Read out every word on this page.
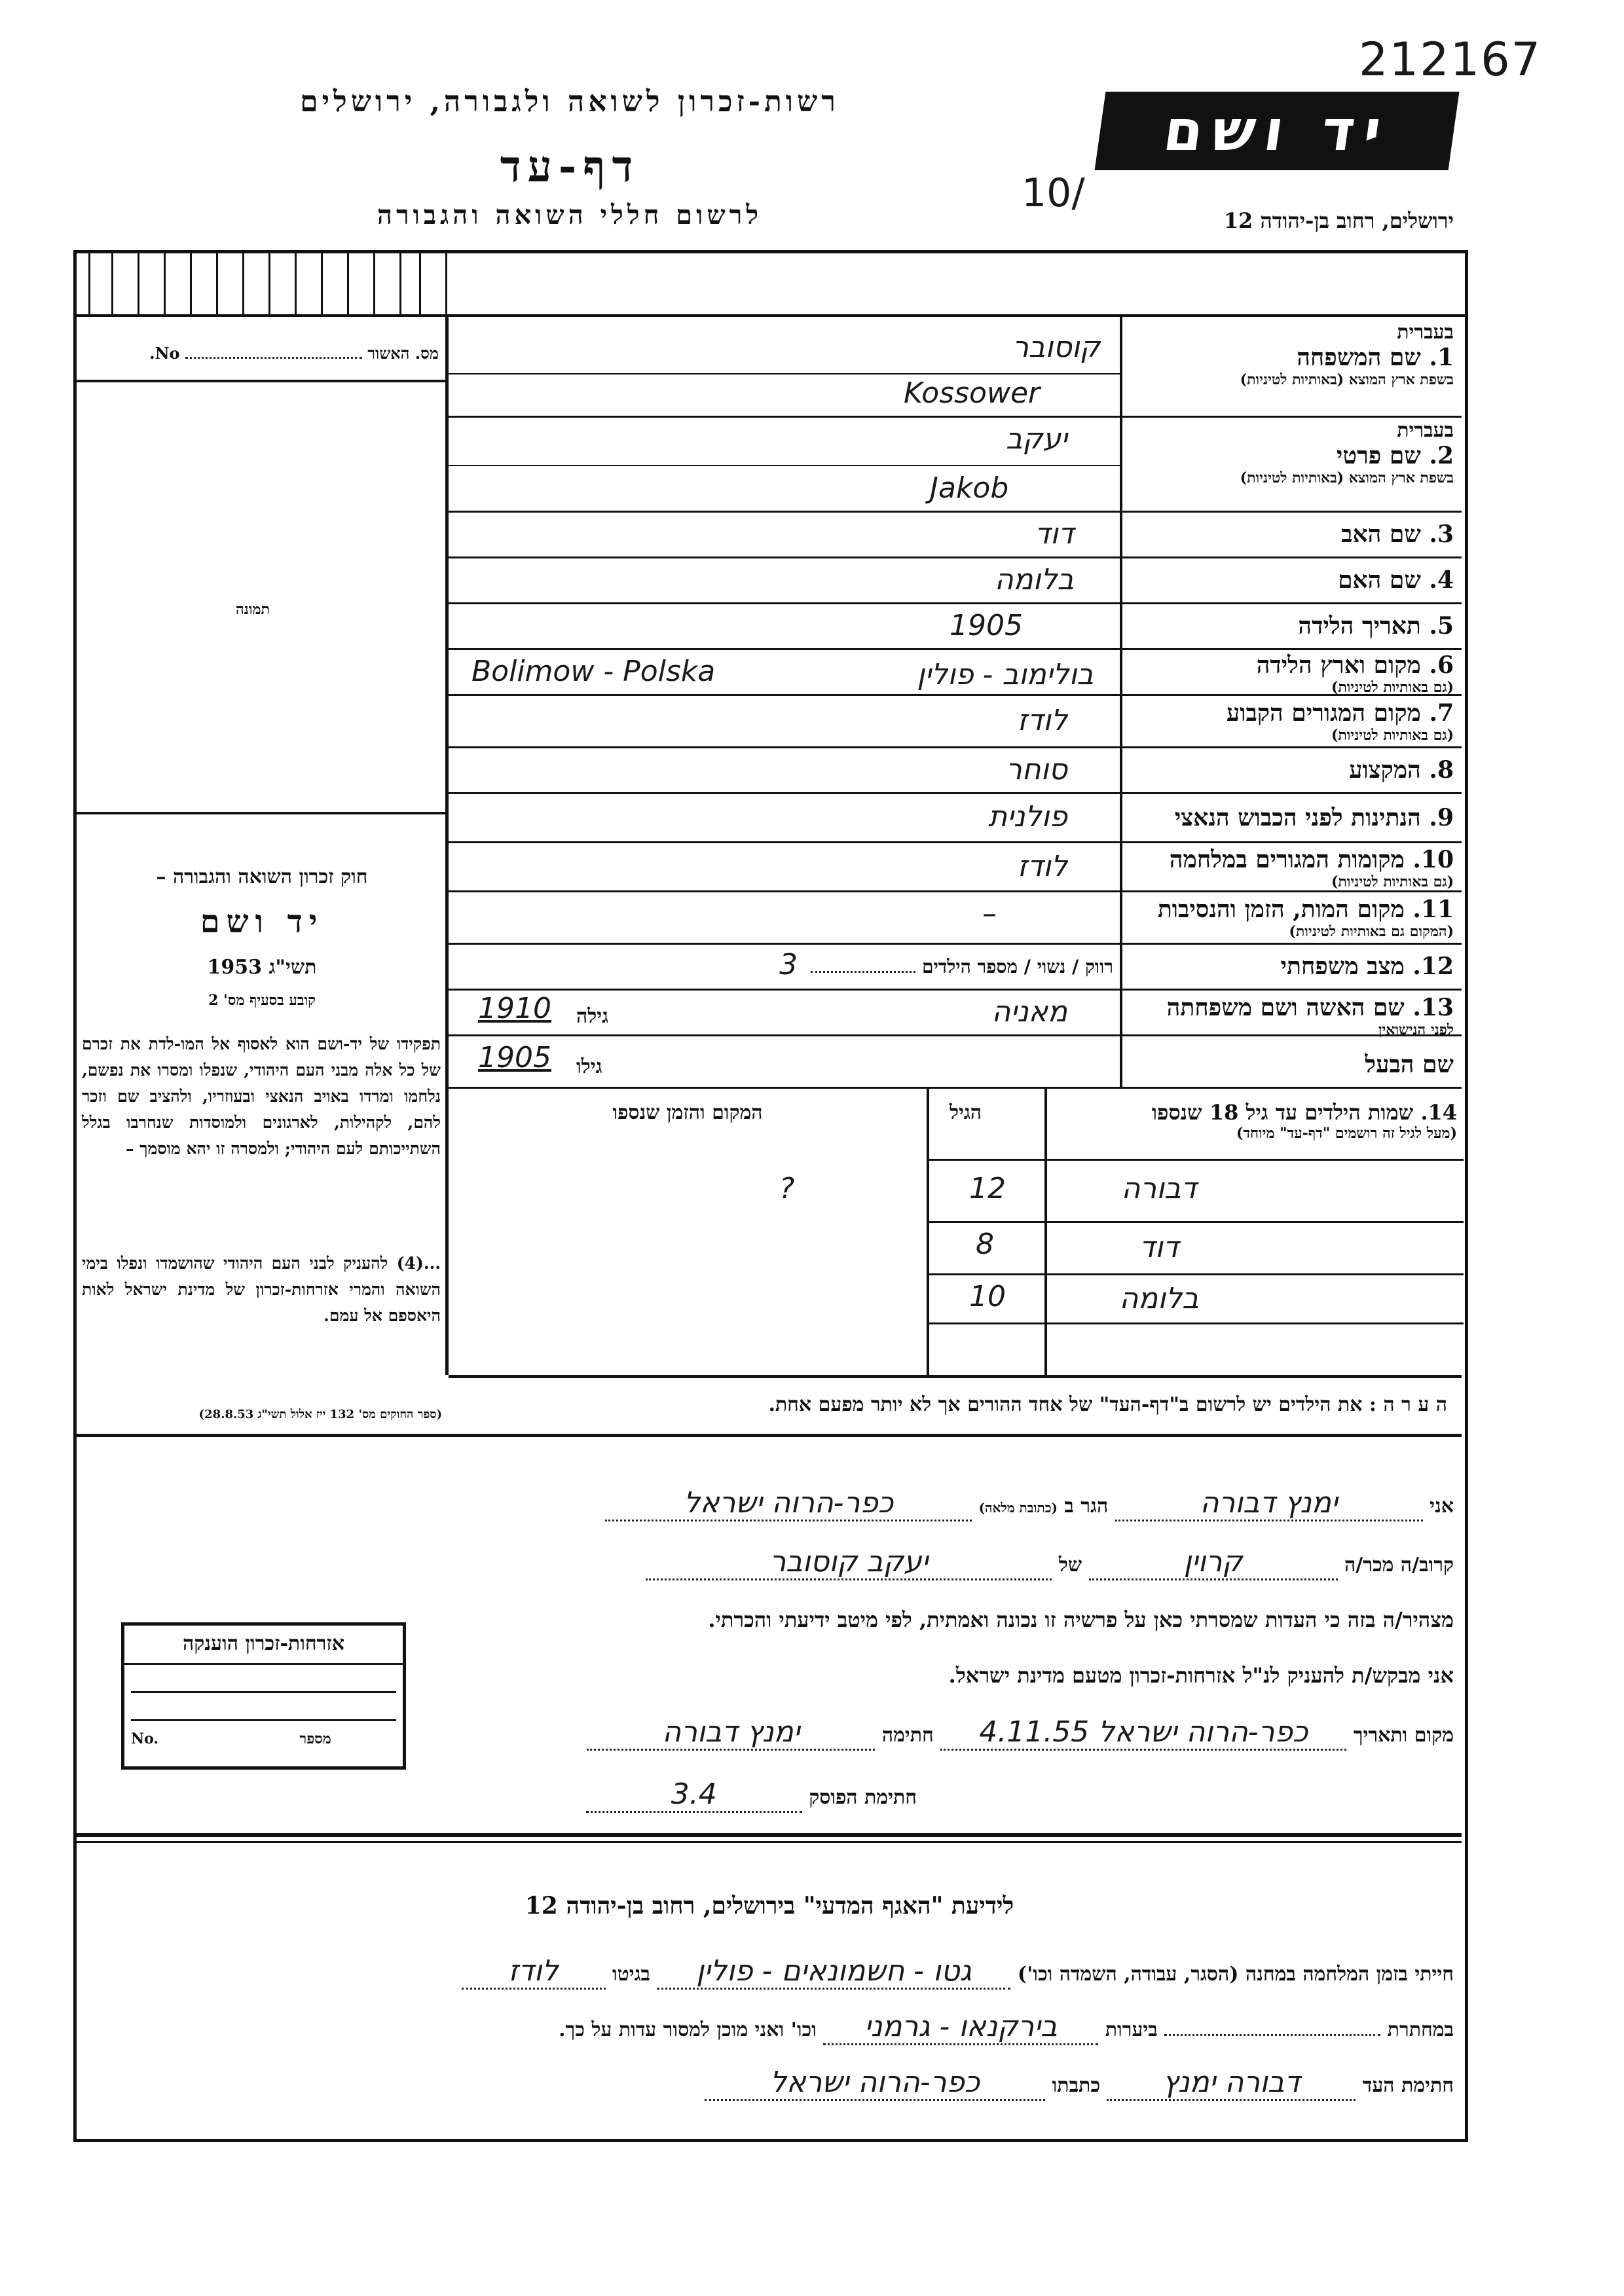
212167
רשות-זכרון לשואה ולגבורה, ירושלים
דף-עד
לרשום חללי השואה והגבורה	10/
יד ושם
ירושלים, רחוב בן-יהודה 12
מס. האשור  No.
תמונה
חוק זכרון השואה והגבורה –
יד ושם
תשי"ג 1953
קובע בסעיף מס' 2
תפקידו של יד-ושם הוא לאסוף אל המו-לדת את זכרם של כל אלה מבני העם היהודי, שנפלו ומסרו את נפשם, נלחמו ומרדו באויב הנאצי ובעוזריו, ולהציב שם וזכר להם, לקהילות, לארגונים ולמוסדות שנחרבו בגלל השתייכותם לעם היהודי; ולמסרה זו יהא מוסמך –
...(4) להעניק לבני העם היהודי שהושמדו ונפלו בימי השואה והמרי אזרחות-זכרון של מדינת ישראל לאות היאספם אל עמם.
(ספר החוקים מס' 132 ייז אלול תשי"ג 28.8.53)
בעברית
1. שם המשפחה
בשפת ארץ המוצא (באותיות לטיניות)
קוסובר
Kossower
בעברית
2. שם פרטי
בשפת ארץ המוצא (באותיות לטיניות)
יעקב
Jakob
3. שם האב
דוד
4. שם האם
בלומה
5. תאריך הלידה
1905
6. מקום וארץ הלידה
(גם באותיות לטיניות)
בולימוב - פולין
Bolimow - Polska
7. מקום המגורים הקבוע
(גם באותיות לטיניות)
לודז
8. המקצוע
סוחר
9. הנתינות לפני הכבוש הנאצי
פולנית
10. מקומות המגורים במלחמה
(גם באותיות לטיניות)
לודז
11. מקום המות, הזמן והנסיבות
(המקום גם באותיות לטיניות)
–
12. מצב משפחתי
רווק / נשוי / מספר הילדים
3
13. שם האשה ושם משפחתה
לפני הנישואין
מאניה
גילה
1910
שם הבעל
גילו
1905
14. שמות הילדים עד גיל 18 שנספו
(מעל לגיל זה רושמים "דף-עד" מיוחד)
הגיל
המקום והזמן שנספו
דבורה
12
?
דוד
8
בלומה
10
ה ע ר ה : את הילדים יש לרשום ב"דף-העד" של אחד ההורים אך לא יותר מפעם אחת.
אני ימנץ דבורה הגר ב (כתובת מלאה) כפר-הרוה ישראל
קרוב/ה מכר/ה קרוין של יעקב קוסובר
מצהיר/ה בזה כי העדות שמסרתי כאן על פרשיה זו נכונה ואמתית, לפי מיטב ידיעתי והכרתי.
אני מבקש/ת להעניק לנ"ל אזרחות-זכרון מטעם מדינת ישראל.
מקום ותאריך כפר-הרוה ישראל 4.11.55 חתימה ימנץ דבורה
חתימת הפוסק 3.4
אזרחות-זכרון הוענקה
No.	מספר
לידיעת "האגף המדעי" בירושלים, רחוב בן-יהודה 12
חייתי בזמן המלחמה במחנה (הסגר, עבודה, השמדה וכו') גטו - חשמונאים - פולין בגיטו לודז
במחתרת  ביערות בירקנאו - גרמני וכו' ואני מוכן למסור עדות על כך.
חתימת העד דבורה ימנץ כתבתו כפר-הרוה ישראל
